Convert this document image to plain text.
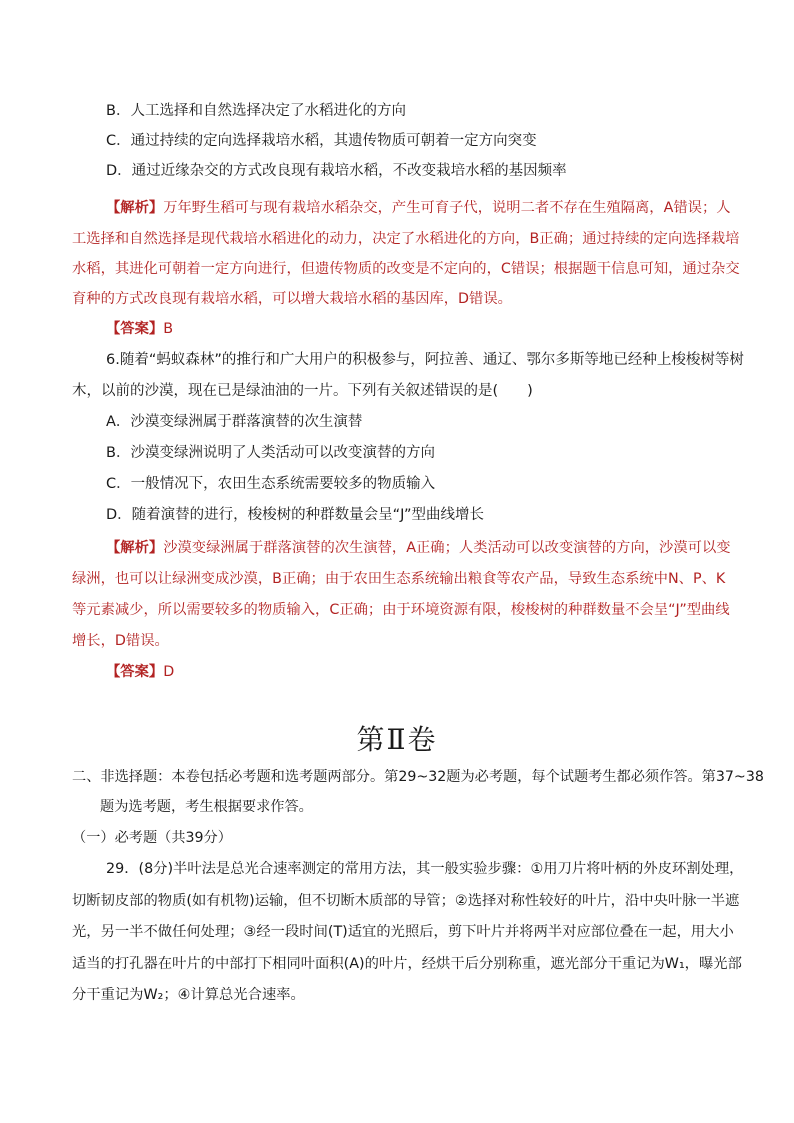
B．人工选择和自然选择决定了水稻进化的方向
C．通过持续的定向选择栽培水稻，其遗传物质可朝着一定方向突变
D．通过近缘杂交的方式改良现有栽培水稻，不改变栽培水稻的基因频率
【解析】万年野生稻可与现有栽培水稻杂交，产生可育子代，说明二者不存在生殖隔离，A错误；人
工选择和自然选择是现代栽培水稻进化的动力，决定了水稻进化的方向，B正确；通过持续的定向选择栽培
水稻，其进化可朝着一定方向进行，但遗传物质的改变是不定向的，C错误；根据题干信息可知，通过杂交
育种的方式改良现有栽培水稻，可以增大栽培水稻的基因库，D错误。
【答案】B
6.随着“蚂蚁森林”的推行和广大用户的积极参与，阿拉善、通辽、鄂尔多斯等地已经种上梭梭树等树
木，以前的沙漠，现在已是绿油油的一片。下列有关叙述错误的是(　　)
A．沙漠变绿洲属于群落演替的次生演替
B．沙漠变绿洲说明了人类活动可以改变演替的方向
C．一般情况下，农田生态系统需要较多的物质输入
D．随着演替的进行，梭梭树的种群数量会呈“J”型曲线增长
【解析】沙漠变绿洲属于群落演替的次生演替，A正确；人类活动可以改变演替的方向，沙漠可以变
绿洲，也可以让绿洲变成沙漠，B正确；由于农田生态系统输出粮食等农产品，导致生态系统中N、P、K
等元素减少，所以需要较多的物质输入，C正确；由于环境资源有限，梭梭树的种群数量不会呈“J”型曲线
增长，D错误。
【答案】D
第Ⅱ卷
二、非选择题：本卷包括必考题和选考题两部分。第29~32题为必考题，每个试题考生都必须作答。第37~38
题为选考题，考生根据要求作答。
（一）必考题（共39分）
29．(8分)半叶法是总光合速率测定的常用方法，其一般实验步骤：①用刀片将叶柄的外皮环割处理，
切断韧皮部的物质(如有机物)运输，但不切断木质部的导管；②选择对称性较好的叶片，沿中央叶脉一半遮
光，另一半不做任何处理；③经一段时间(T)适宜的光照后，剪下叶片并将两半对应部位叠在一起，用大小
适当的打孔器在叶片的中部打下相同叶面积(A)的叶片，经烘干后分别称重，遮光部分干重记为W₁，曝光部
分干重记为W₂；④计算总光合速率。
